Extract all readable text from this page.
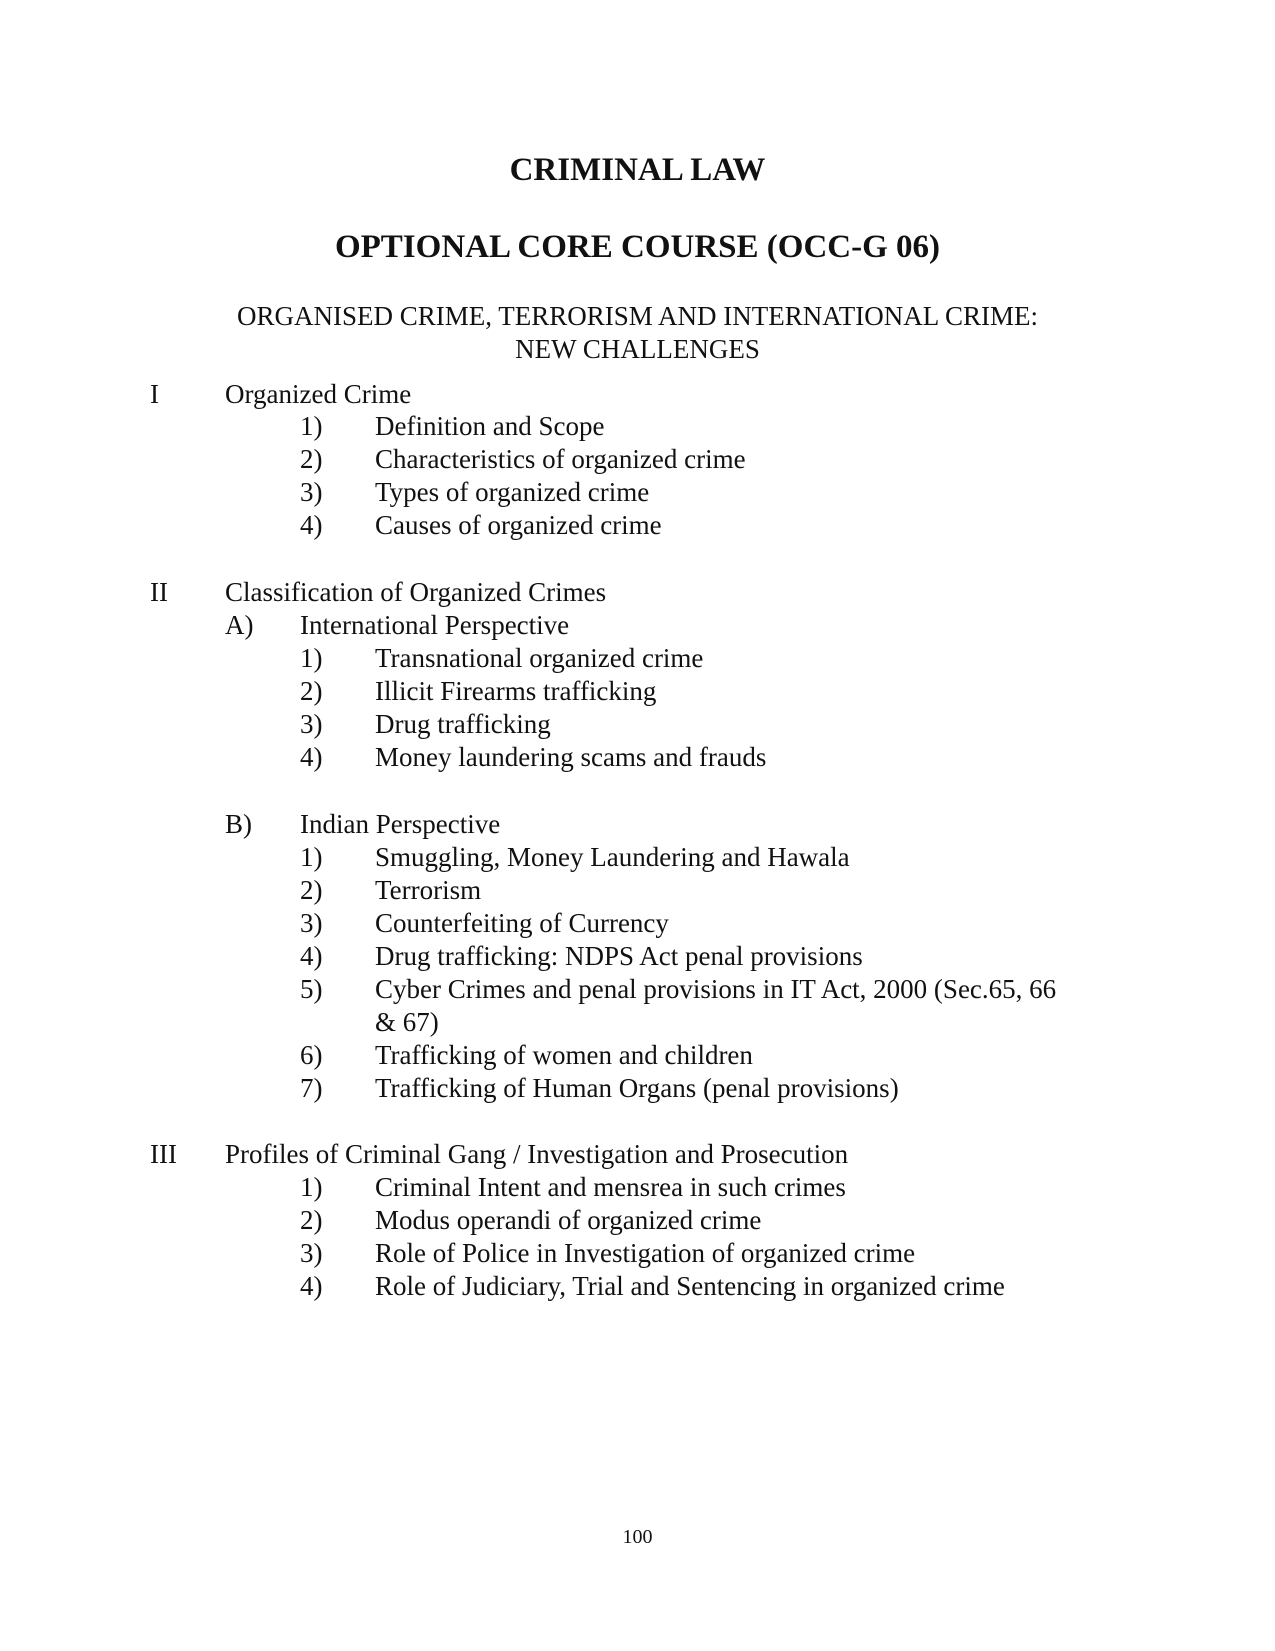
CRIMINAL LAW
OPTIONAL CORE COURSE (OCC-G 06)
ORGANISED CRIME, TERRORISM AND INTERNATIONAL CRIME:
NEW CHALLENGES
I Organized Crime
1) Definition and Scope
2) Characteristics of organized crime
3) Types of organized crime
4) Causes of organized crime
II Classification of Organized Crimes
A) International Perspective
1) Transnational organized crime
2) Illicit Firearms trafficking
3) Drug trafficking
4) Money laundering scams and frauds
B) Indian Perspective
1) Smuggling, Money Laundering and Hawala
2) Terrorism
3) Counterfeiting of Currency
4) Drug trafficking: NDPS Act penal provisions
5) Cyber Crimes and penal provisions in IT Act, 2000 (Sec.65, 66
& 67)
6) Trafficking of women and children
7) Trafficking of Human Organs (penal provisions)
III Profiles of Criminal Gang / Investigation and Prosecution
1) Criminal Intent and mensrea in such crimes
2) Modus operandi of organized crime
3) Role of Police in Investigation of organized crime
4) Role of Judiciary, Trial and Sentencing in organized crime
100
